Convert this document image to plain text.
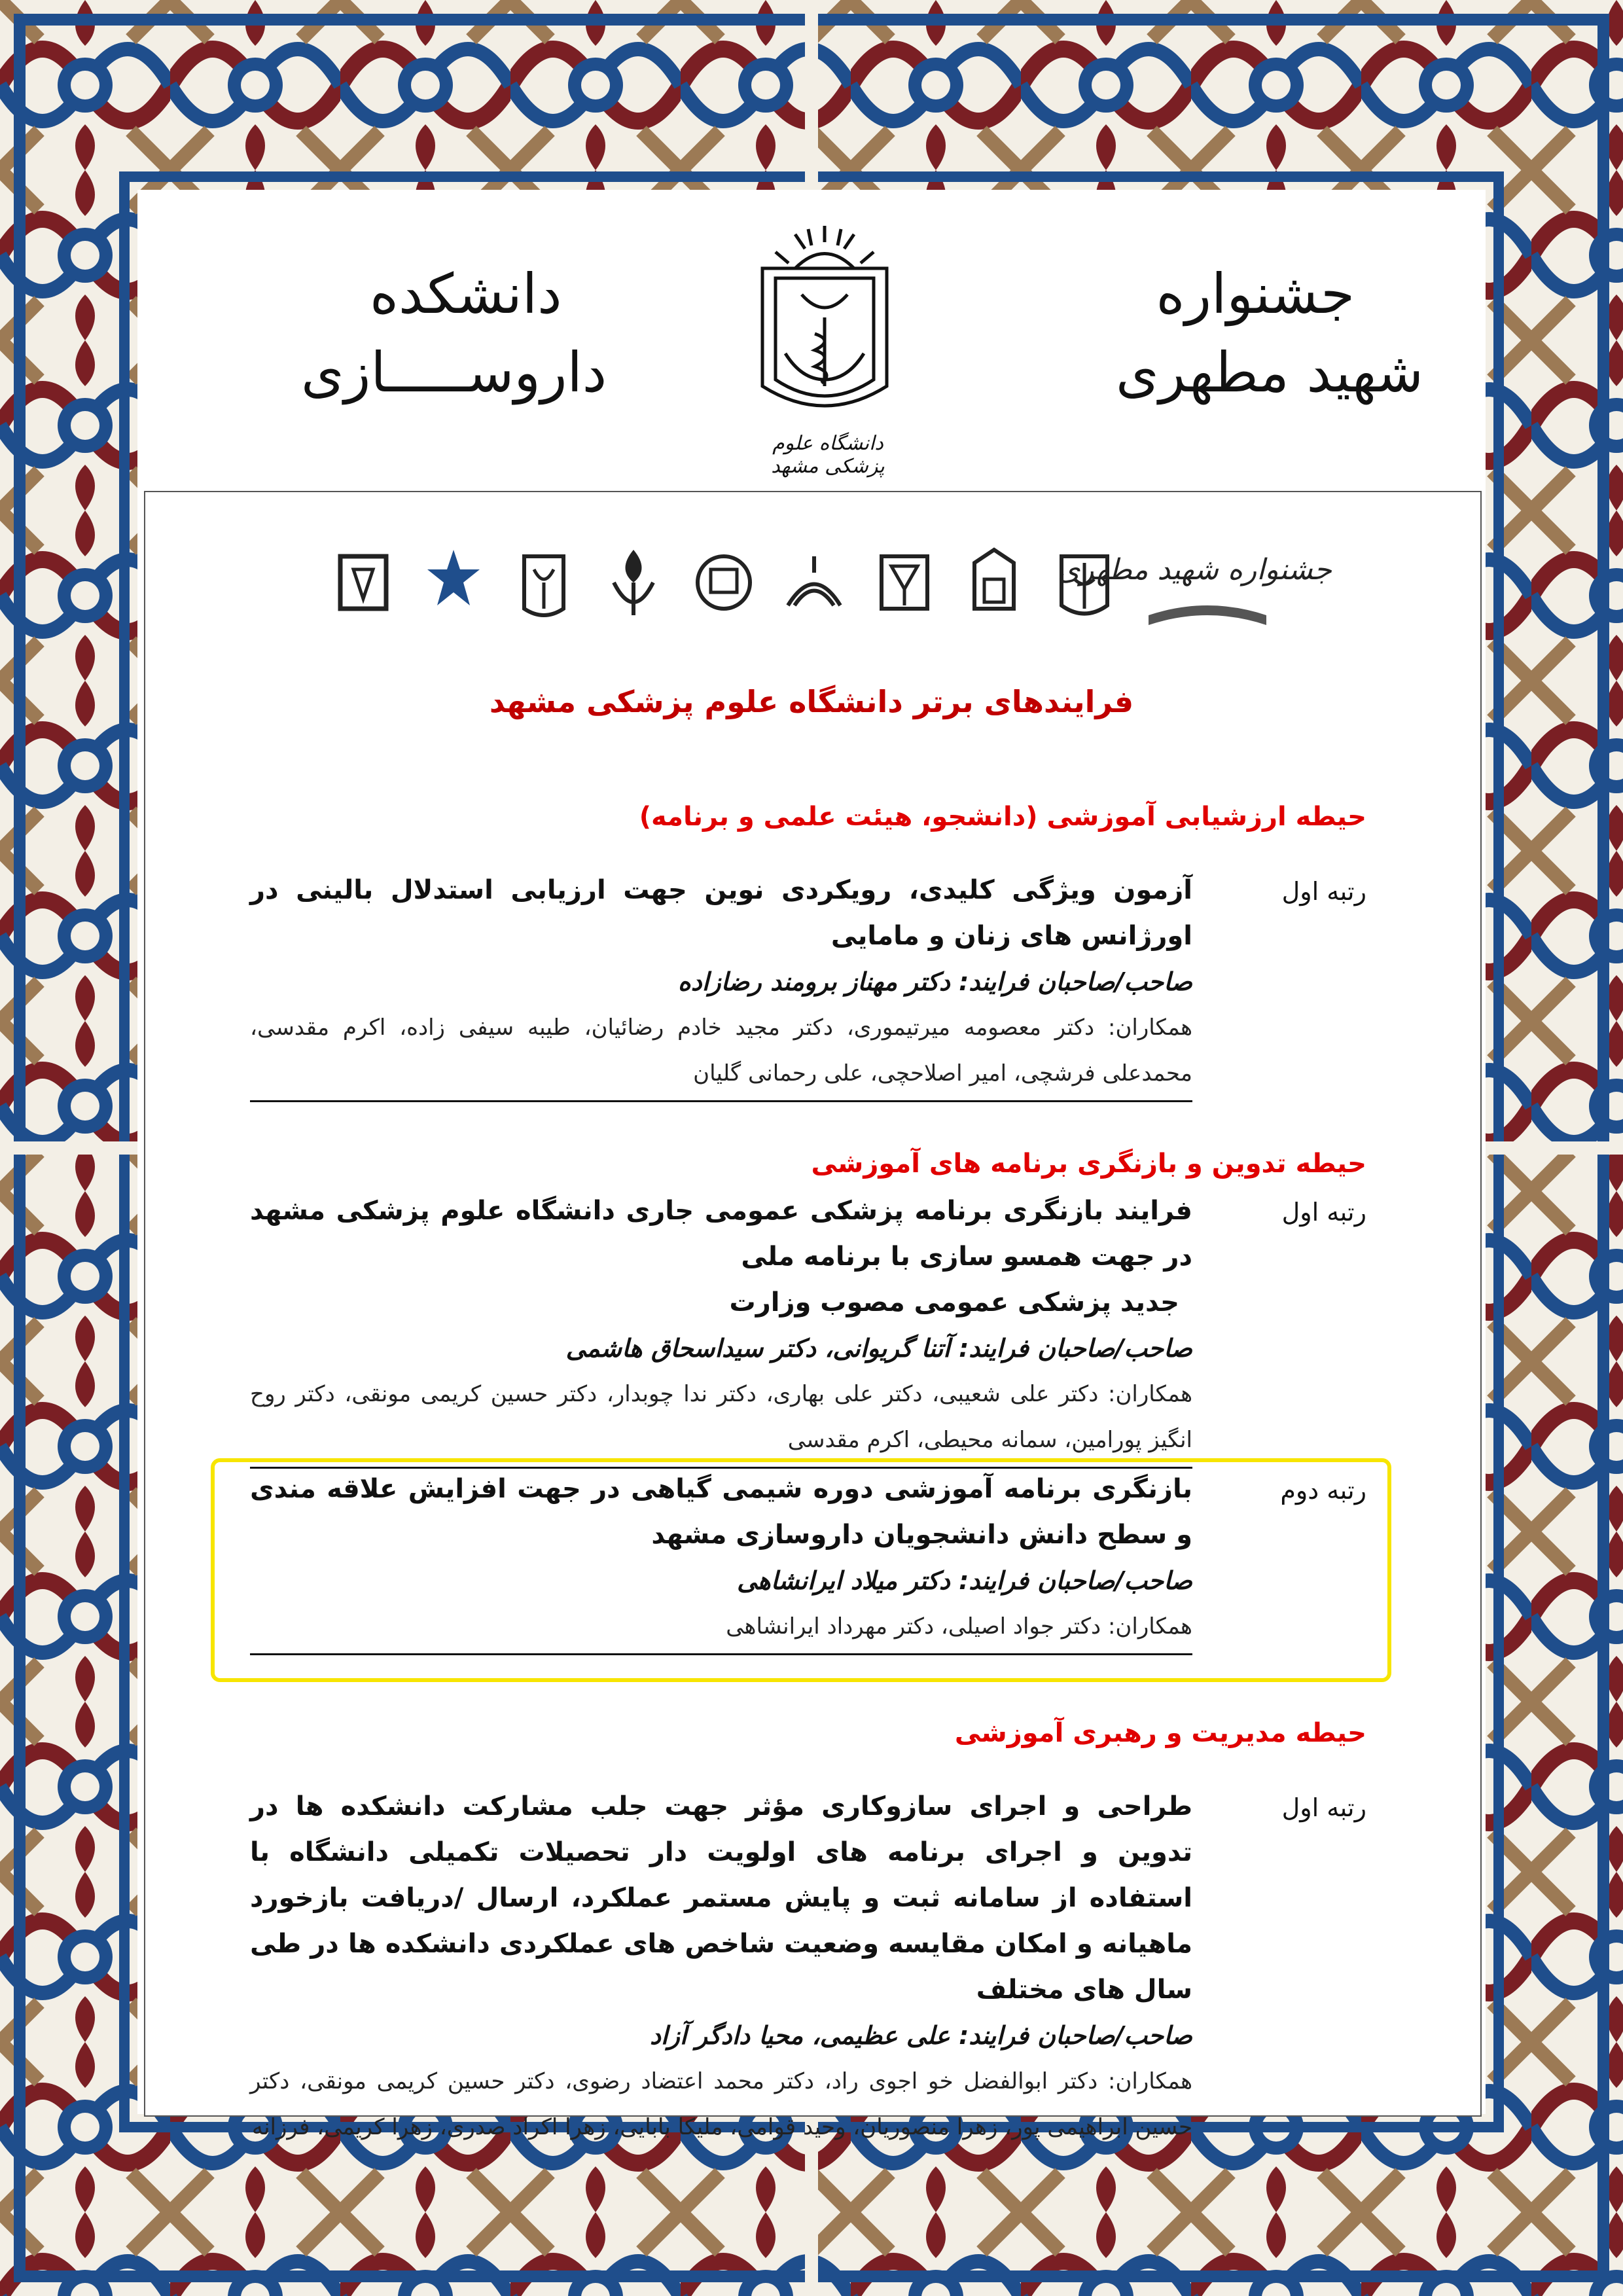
جشنواره
شهید مطهری
دانشکده
داروســـــازی
دانشگاه علوم پزشکی مشهد
جشنواره شهید مطهری
فرایندهای برتر دانشگاه علوم پزشکی مشهد
حیطه ارزشیابی آموزشی (دانشجو، هیئت علمی و برنامه)
رتبه اول
آزمون ویژگی کلیدی، رویکردی نوین جهت ارزیابی استدلال بالینی در اورژانس های زنان و مامایی
صاحب/صاحبان فرایند: دکتر مهناز برومند رضازاده
همکاران: دکتر معصومه میرتیموری، دکتر مجید خادم رضائیان، طیبه سیفی زاده، اکرم مقدسی، محمدعلی فرشچی، امیر اصلاحچی، علی رحمانی گلیان
حیطه تدوین و بازنگری برنامه های آموزشی
رتبه اول
فرایند بازنگری برنامه پزشکی عمومی جاری دانشگاه علوم پزشکی مشهد در جهت همسو سازی با برنامه ملی
جدید پزشکی عمومی مصوب وزارت
صاحب/صاحبان فرایند: آتنا گریوانی، دکتر سیداسحاق هاشمی
همکاران: دکتر علی شعیبی، دکتر علی بهاری، دکتر ندا چوبدار، دکتر حسین کریمی مونقی، دکتر روح انگیز پورامین، سمانه محیطی، اکرم مقدسی
رتبه دوم
بازنگری برنامه آموزشی دوره شیمی گیاهی در جهت افزایش علاقه مندی و سطح دانش دانشجویان داروسازی مشهد
صاحب/صاحبان فرایند: دکتر میلاد ایرانشاهی
همکاران: دکتر جواد اصیلی، دکتر مهرداد ایرانشاهی
حیطه مدیریت و رهبری آموزشی
رتبه اول
طراحی و اجرای سازوکاری مؤثر جهت جلب مشارکت دانشکده ها در تدوین و اجرای برنامه های اولویت دار تحصیلات تکمیلی دانشگاه با استفاده از سامانه ثبت و پایش مستمر عملکرد، ارسال /دریافت بازخورد ماهیانه و امکان مقایسه وضعیت شاخص های عملکردی دانشکده ها در طی سال های مختلف
صاحب/صاحبان فرایند: علی عظیمی، محیا دادگر آزاد
همکاران: دکتر ابوالفضل خو اجوی راد، دکتر محمد اعتضاد رضوی، دکتر حسین کریمی مونقی، دکتر حسین ابراهیمی پور، زهرا منصوریان، وحید قوامی، ملیکا بابایی، زهرا اکراد صدری، زهرا کریمی، فرزانه
